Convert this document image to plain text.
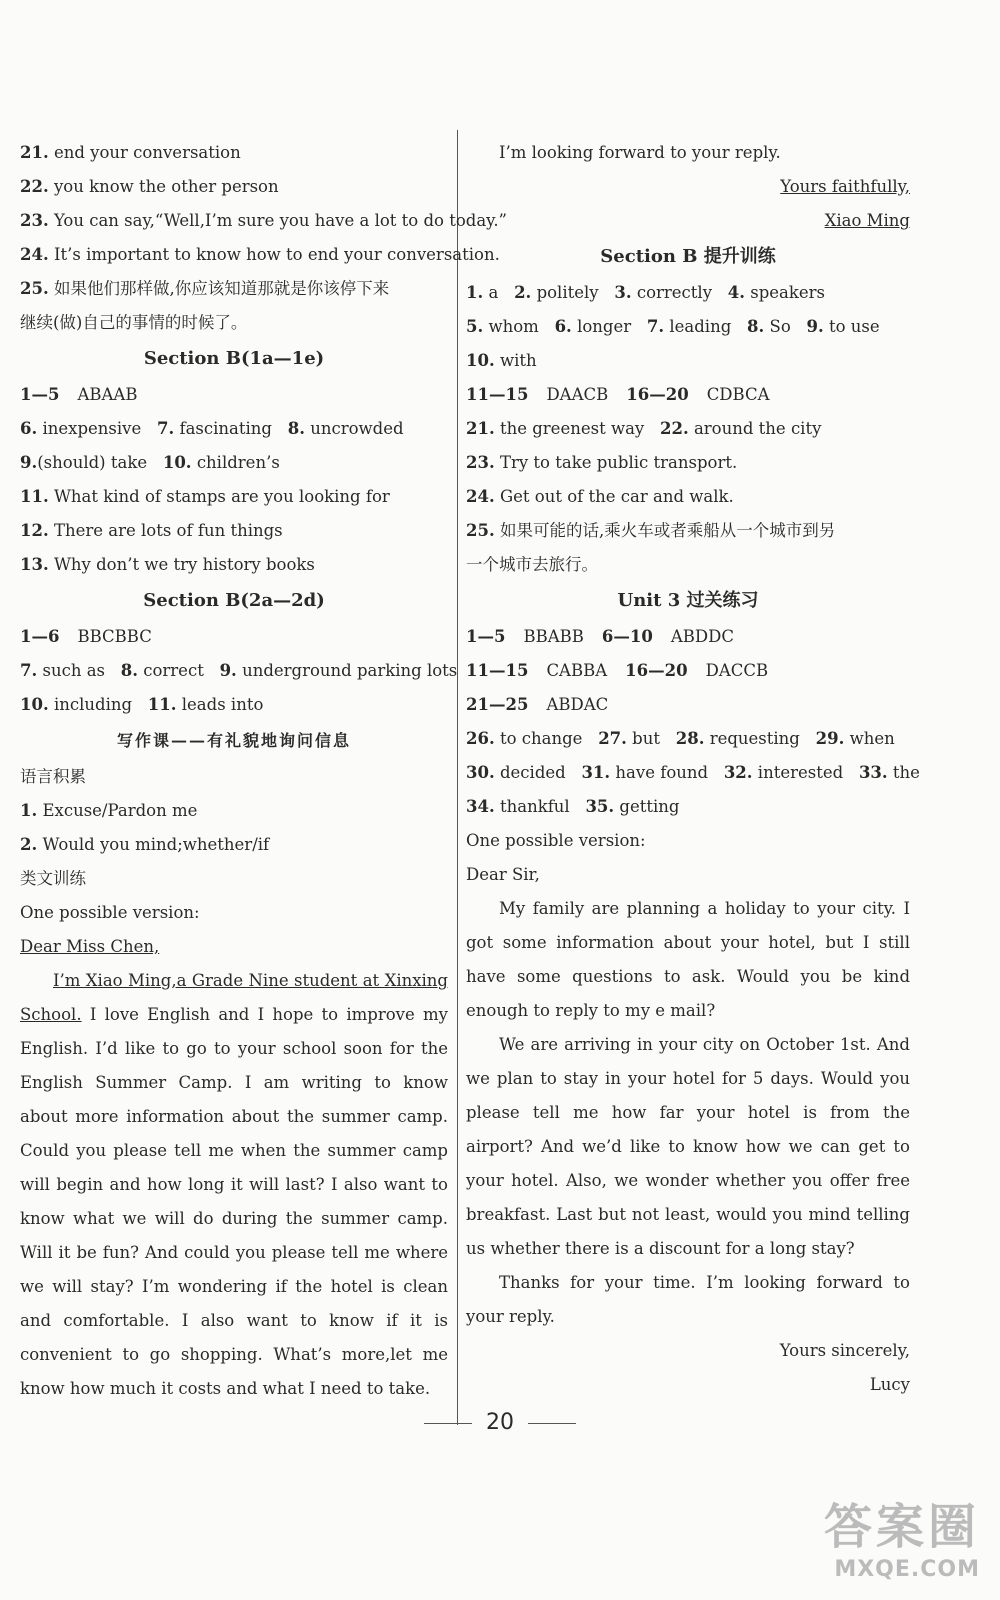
21. end your conversation
22. you know the other person
23. You can say,“Well,I’m sure you have a lot to do today.”
24. It’s important to know how to end your conversation.
25. 如果他们那样做,你应该知道那就是你该停下来
继续(做)自己的事情的时候了。
Section B(1a—1e)
1—5 ABAAB
6. inexpensive 7. fascinating 8. uncrowded
9.(should) take 10. children’s
11. What kind of stamps are you looking for
12. There are lots of fun things
13. Why don’t we try history books
Section B(2a—2d)
1—6 BBCBBC
7. such as 8. correct 9. underground parking lots
10. including 11. leads into
写作课——有礼貌地询问信息
语言积累
1. Excuse/Pardon me
2. Would you mind;whether/if
类文训练
One possible version:
Dear Miss Chen,
I’m Xiao Ming,a Grade Nine student at Xinxing School. I love English and I hope to improve my English. I’d like to go to your school soon for the English Summer Camp. I am writing to know about more information about the summer camp. Could you please tell me when the summer camp will begin and how long it will last? I also want to know what we will do during the summer camp. Will it be fun? And could you please tell me where we will stay? I’m wondering if the hotel is clean and comfortable. I also want to know if it is convenient to go shopping. What’s more,let me know how much it costs and what I need to take.
I’m looking forward to your reply.
Yours faithfully,
Xiao Ming
Section B 提升训练
1. a 2. politely 3. correctly 4. speakers
5. whom 6. longer 7. leading 8. So 9. to use
10. with
11—15 DAACB 16—20 CDBCA
21. the greenest way 22. around the city
23. Try to take public transport.
24. Get out of the car and walk.
25. 如果可能的话,乘火车或者乘船从一个城市到另
一个城市去旅行。
Unit 3 过关练习
1—5 BBABB 6—10 ABDDC
11—15 CABBA 16—20 DACCB
21—25 ABDAC
26. to change 27. but 28. requesting 29. when
30. decided 31. have found 32. interested 33. the
34. thankful 35. getting
One possible version:
Dear Sir,
My family are planning a holiday to your city. I got some information about your hotel, but I still have some questions to ask. Would you be kind enough to reply to my e mail?
We are arriving in your city on October 1st. And we plan to stay in your hotel for 5 days. Would you please tell me how far your hotel is from the airport? And we’d like to know how we can get to your hotel. Also, we wonder whether you offer free breakfast. Last but not least, would you mind telling us whether there is a discount for a long stay?
Thanks for your time. I’m looking forward to your reply.
Yours sincerely,
Lucy
20
答案圈
MXQE.COM
